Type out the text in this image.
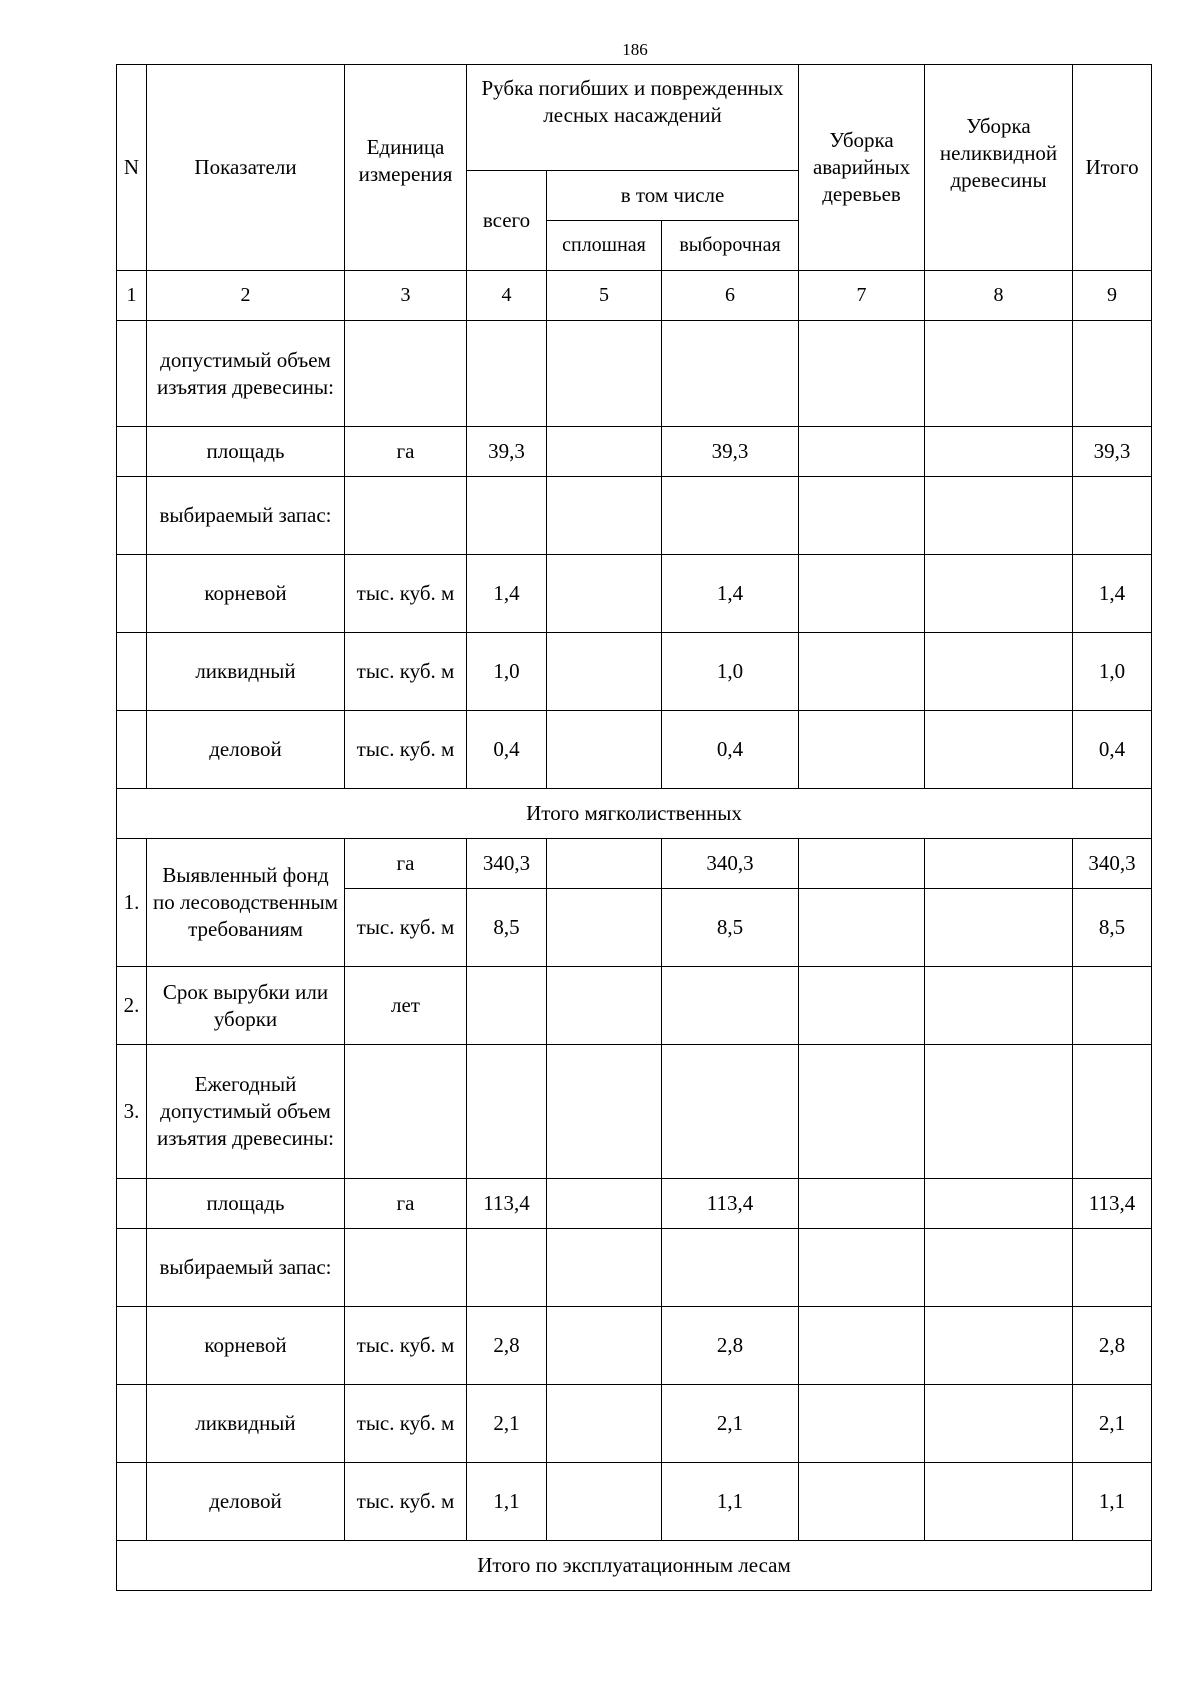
186
N	Показатели	Единица измерения	Рубка погибших и поврежденных лесных насаждений			Уборка аварийных деревьев	Уборка неликвидной древесины	Итого
			всего	в том числе				
				сплошная	выборочная			
1	2	3	4	5	6	7	8	9
	допустимый объем изъятия древесины:							
	площадь	га	39,3		39,3			39,3
	выбираемый запас:							
	корневой	тыс. куб. м	1,4		1,4			1,4
	ликвидный	тыс. куб. м	1,0		1,0			1,0
	деловой	тыс. куб. м	0,4		0,4			0,4
Итого мягколиственных								
1.	Выявленный фонд по лесоводственным требованиям	га	340,3		340,3			340,3
		тыс. куб. м	8,5		8,5			8,5
2.	Срок вырубки или уборки	лет						
3.	Ежегодный допустимый объем изъятия древесины:							
	площадь	га	113,4		113,4			113,4
	выбираемый запас:							
	корневой	тыс. куб. м	2,8		2,8			2,8
	ликвидный	тыс. куб. м	2,1		2,1			2,1
	деловой	тыс. куб. м	1,1		1,1			1,1
Итого по эксплуатационным лесам								
